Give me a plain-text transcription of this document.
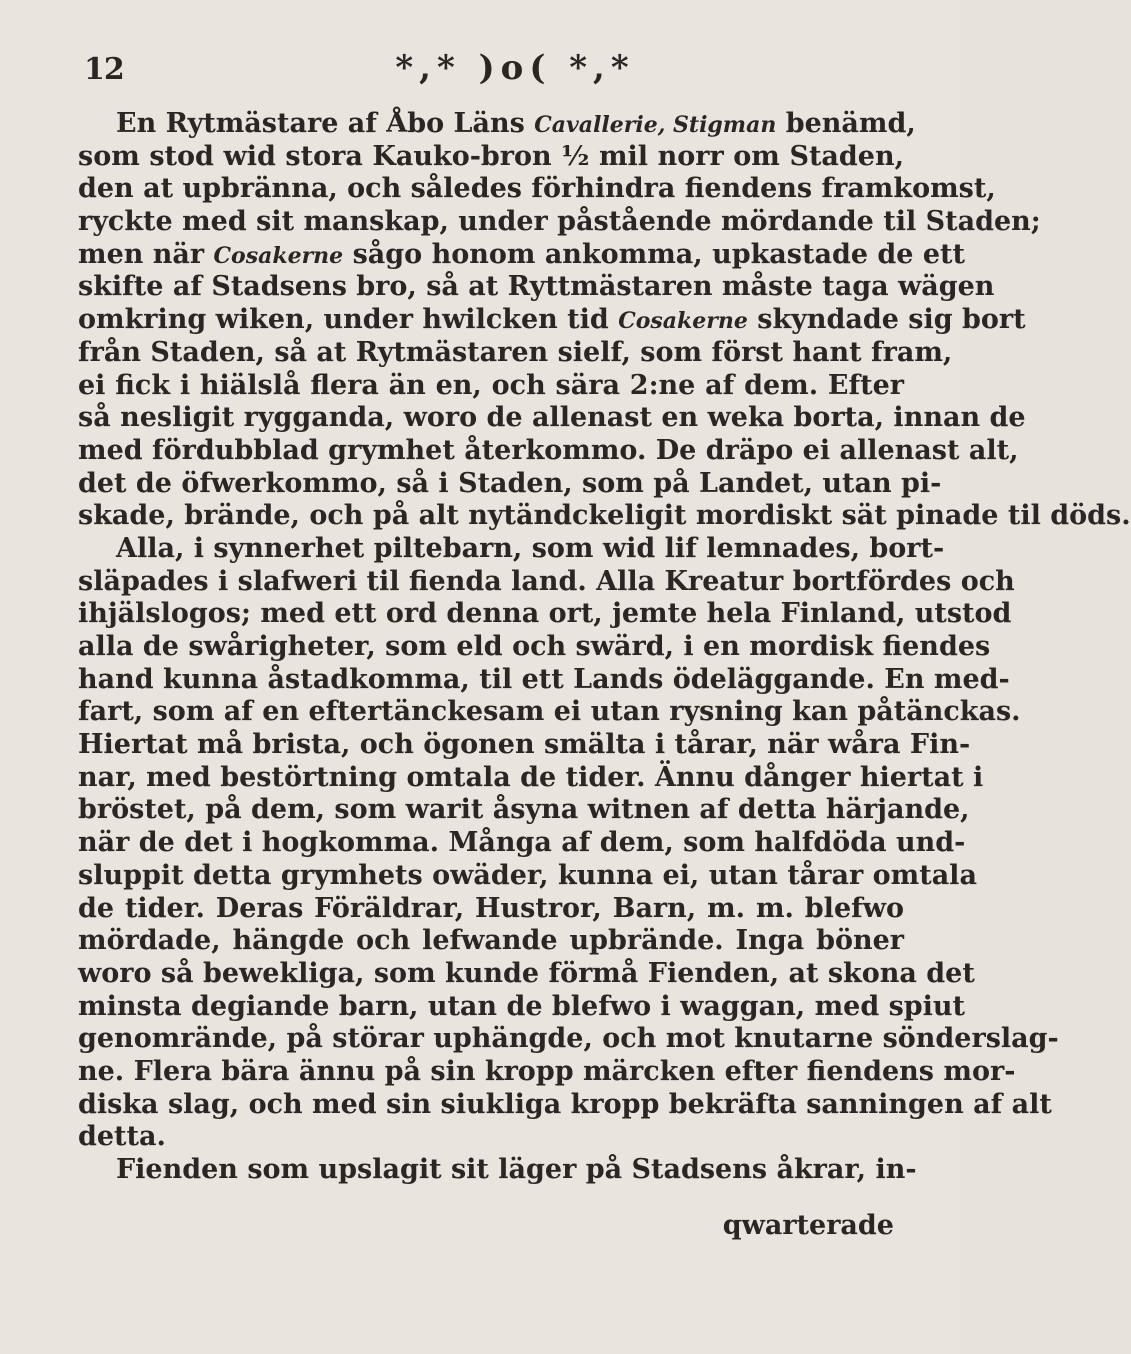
12	*,* )o( *,*
En Rytmästare af Åbo Läns Cavallerie, Stigman benämd,
som stod wid stora Kauko-bron ½ mil norr om Staden,
den at upbränna, och således förhindra fiendens framkomst,
ryckte med sit manskap, under påstående mördande til Staden;
men när Cosakerne sågo honom ankomma, upkastade de ett
skifte af Stadsens bro, så at Ryttmästaren måste taga wägen
omkring wiken, under hwilcken tid Cosakerne skyndade sig bort
från Staden, så at Rytmästaren sielf, som först hant fram,
ei fick i hiälslå flera än en, och sära 2:ne af dem. Efter
så nesligit rygganda, woro de allenast en weka borta, innan de
med fördubblad grymhet återkommo. De dräpo ei allenast alt,
det de öfwerkommo, så i Staden, som på Landet, utan pi-
skade, brände, och på alt nytändckeligit mordiskt sät pinade til döds.
Alla, i synnerhet piltebarn, som wid lif lemnades, bort-
släpades i slafweri til fienda land. Alla Kreatur bortfördes och
ihjälslogos; med ett ord denna ort, jemte hela Finland, utstod
alla de swårigheter, som eld och swärd, i en mordisk fiendes
hand kunna åstadkomma, til ett Lands ödeläggande. En med-
fart, som af en eftertänckesam ei utan rysning kan påtänckas.
Hiertat må brista, och ögonen smälta i tårar, när wåra Fin-
nar, med bestörtning omtala de tider. Ännu dånger hiertat i
bröstet, på dem, som warit åsyna witnen af detta härjande,
när de det i hogkomma. Många af dem, som halfdöda und-
sluppit detta grymhets owäder, kunna ei, utan tårar omtala
de tider. Deras Föräldrar, Hustror, Barn, m. m. blefwo
mördade, hängde och lefwande upbrände. Inga böner
woro så bewekliga, som kunde förmå Fienden, at skona det
minsta degiande barn, utan de blefwo i waggan, med spiut
genomrände, på störar uphängde, och mot knutarne sönderslag-
ne. Flera bära ännu på sin kropp märcken efter fiendens mor-
diska slag, och med sin siukliga kropp bekräfta sanningen af alt
detta.
Fienden som upslagit sit läger på Stadsens åkrar, in-
qwarterade
